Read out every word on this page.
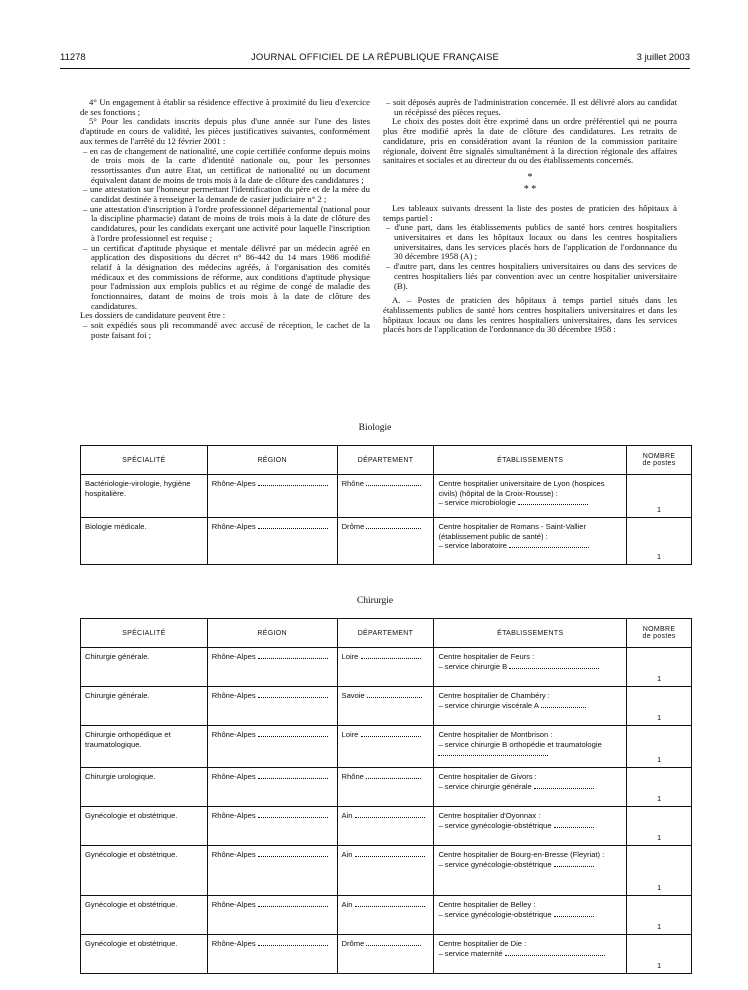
11278	JOURNAL OFFICIEL DE LA RÉPUBLIQUE FRANÇAISE	3 juillet 2003

4° Un engagement à établir sa résidence effective à proximité du lieu d'exercice de ses fonctions ;

5° Pour les candidats inscrits depuis plus d'une année sur l'une des listes d'aptitude en cours de validité, les pièces justificatives suivantes, conformément aux termes de l'arrêté du 12 février 2001 :

– en cas de changement de nationalité, une copie certifiée conforme depuis moins de trois mois de la carte d'identité nationale ou, pour les personnes ressortissantes d'un autre Etat, un certificat de nationalité ou un document équivalent datant de moins de trois mois à la date de clôture des candidatures ;

– une attestation sur l'honneur permettant l'identification du père et de la mère du candidat destinée à renseigner la demande de casier judiciaire n° 2 ;

– une attestation d'inscription à l'ordre professionnel départemental (national pour la discipline pharmacie) datant de moins de trois mois à la date de clôture des candidatures, pour les candidats exerçant une activité pour laquelle l'inscription à l'ordre professionnel est requise ;

– un certificat d'aptitude physique et mentale délivré par un médecin agréé en application des dispositions du décret n° 86-442 du 14 mars 1986 modifié relatif à la désignation des médecins agréés, à l'organisation des comités médicaux et des commissions de réforme, aux conditions d'aptitude physique pour l'admission aux emplois publics et au régime de congé de maladie des fonctionnaires, datant de moins de trois mois à la date de clôture des candidatures.

Les dossiers de candidature peuvent être :

– soit expédiés sous pli recommandé avec accusé de réception, le cachet de la poste faisant foi ;

– soit déposés auprès de l'administration concernée. Il est délivré alors au candidat un récépissé des pièces reçues.

Le choix des postes doit être exprimé dans un ordre préférentiel qui ne pourra plus être modifié après la date de clôture des candidatures. Les retraits de candidature, pris en considération avant la réunion de la commission paritaire régionale, doivent être signalés simultanément à la direction régionale des affaires sanitaires et sociales et au directeur du ou des établissements concernés.

*
* *

Les tableaux suivants dressent la liste des postes de praticien des hôpitaux à temps partiel :

– d'une part, dans les établissements publics de santé hors centres hospitaliers universitaires et dans les hôpitaux locaux ou dans les centres hospitaliers universitaires, dans les services placés hors de l'application de l'ordonnance du 30 décembre 1958 (A) ;

– d'autre part, dans les centres hospitaliers universitaires ou dans des services de centres hospitaliers liés par convention avec un centre hospitalier universitaire (B).

A. – Postes de praticien des hôpitaux à temps partiel situés dans les établissements publics de santé hors centres hospitaliers universitaires et dans les hôpitaux locaux ou dans les centres hospitaliers universitaires, dans les services placés hors de l'application de l'ordonnance du 30 décembre 1958 :

Biologie
SPÉCIALITÉ	RÉGION	DÉPARTEMENT	ÉTABLISSEMENTS	NOMBRE
de postes

Bactériologie-virologie, hygiène hospitalière.	Rhône-Alpes	Rhône	Centre hospitalier universitaire de Lyon (hospices civils) (hôpital de la Croix-Rousse) :
– service microbiologie	1
Biologie médicale.	Rhône-Alpes	Drôme	Centre hospitalier de Romans - Saint-Vallier (établissement public de santé) :
– service laboratoire	1
Chirurgie
SPÉCIALITÉ	RÉGION	DÉPARTEMENT	ÉTABLISSEMENTS	NOMBRE
de postes

Chirurgie générale.	Rhône-Alpes	Loire	Centre hospitalier de Feurs :
– service chirurgie B	1
Chirurgie générale.	Rhône-Alpes	Savoie	Centre hospitalier de Chambéry :
– service chirurgie viscérale A	1
Chirurgie orthopédique et traumatologique.	Rhône-Alpes	Loire	Centre hospitalier de Montbrison :
– service chirurgie B orthopédie et traumatologie	1
Chirurgie urologique.	Rhône-Alpes	Rhône	Centre hospitalier de Givors :
– service chirurgie générale	1
Gynécologie et obstétrique.	Rhône-Alpes	Ain	Centre hospitalier d'Oyonnax :
– service gynécologie-obstétrique	1
Gynécologie et obstétrique.	Rhône-Alpes	Ain	Centre hospitalier de Bourg-en-Bresse (Fleyriat) :
– service gynécologie-obstétrique	1
Gynécologie et obstétrique.	Rhône-Alpes	Ain	Centre hospitalier de Belley :
– service gynécologie-obstétrique	1
Gynécologie et obstétrique.	Rhône-Alpes	Drôme	Centre hospitalier de Die :
– service maternité	1
